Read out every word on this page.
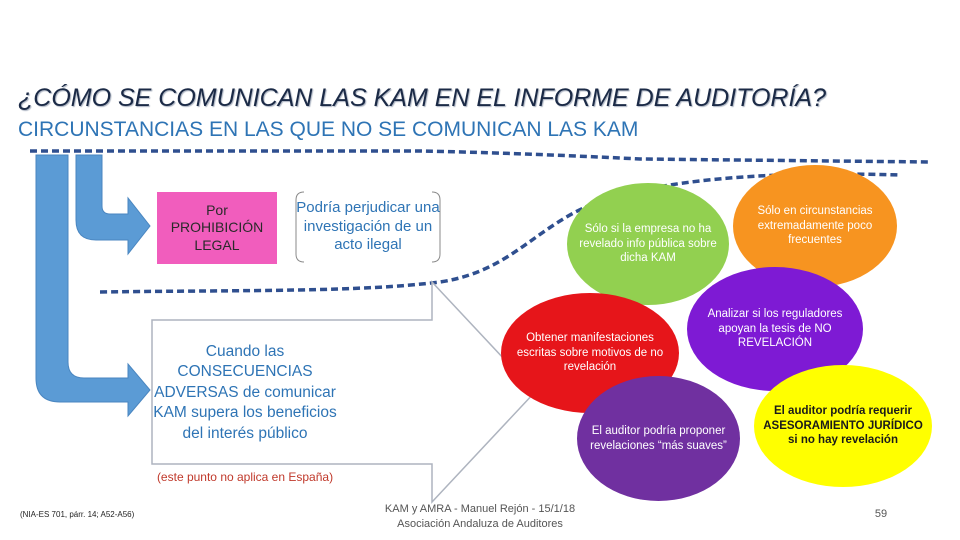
¿CÓMO SE COMUNICAN LAS KAM EN EL INFORME DE AUDITORÍA?
CIRCUNSTANCIAS EN LAS QUE NO SE COMUNICAN LAS KAM
Por
PROHIBICIÓN
LEGAL
Podría perjudicar una investigación de un acto ilegal
Cuando las CONSECUENCIAS ADVERSAS de comunicar KAM supera los beneficios del interés público
(este punto no aplica en España)
Sólo si la empresa no ha revelado info pública sobre dicha KAM
Sólo en circunstancias extremadamente poco frecuentes
Analizar si los reguladores apoyan la tesis de NO REVELACIÓN
Obtener manifestaciones escritas sobre motivos de no revelación
El auditor podría proponer revelaciones “más suaves”
El auditor podría requerir ASESORAMIENTO JURÍDICO si no hay revelación
(NIA-ES 701, párr. 14; A52-A56)	KAM y AMRA - Manuel Rejón - 15/1/18
Asociación Andaluza de Auditores
59
